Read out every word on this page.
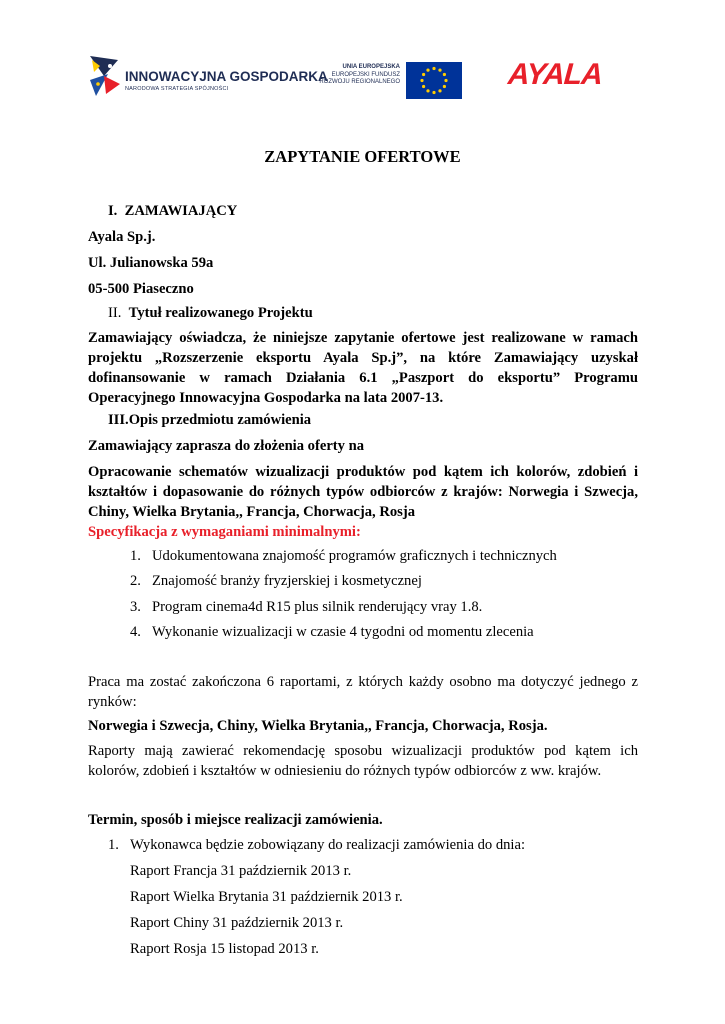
INNOWACYJNA GOSPODARKA
NARODOWA STRATEGIA SPÓJNOŚCI
UNIA EUROPEJSKA
EUROPEJSKI FUNDUSZ
ROZWOJU REGIONALNEGO	AYALA
ZAPYTANIE OFERTOWE
I. ZAMAWIAJĄCY
Ayala Sp.j.
Ul. Julianowska 59a
05-500 Piaseczno
II. Tytuł realizowanego Projektu
Zamawiający oświadcza, że niniejsze zapytanie ofertowe jest realizowane w ramach
projektu „Rozszerzenie eksportu Ayala Sp.j”, na które Zamawiający uzyskał
dofinansowanie w ramach Działania 6.1 „Paszport do eksportu” Programu
Operacyjnego Innowacyjna Gospodarka na lata 2007-13.
III.Opis przedmiotu zamówienia
Zamawiający zaprasza do złożenia oferty na
Opracowanie schematów wizualizacji produktów pod kątem ich kolorów, zdobień i
kształtów i dopasowanie do różnych typów odbiorców z krajów: Norwegia i Szwecja,
Chiny, Wielka Brytania,, Francja, Chorwacja, Rosja
Specyfikacja z wymaganiami minimalnymi:
1. Udokumentowana znajomość programów graficznych i technicznych
2. Znajomość branży fryzjerskiej i kosmetycznej
3. Program cinema4d R15 plus silnik renderujący vray 1.8.
4. Wykonanie wizualizacji w czasie 4 tygodni od momentu zlecenia
Praca ma zostać zakończona 6 raportami, z których każdy osobno ma dotyczyć jednego z
rynków:
Norwegia i Szwecja, Chiny, Wielka Brytania,, Francja, Chorwacja, Rosja.
Raporty mają zawierać rekomendację sposobu wizualizacji produktów pod kątem ich
kolorów, zdobień i kształtów w odniesieniu do różnych typów odbiorców z ww. krajów.
Termin, sposób i miejsce realizacji zamówienia.
1. Wykonawca będzie zobowiązany do realizacji zamówienia do dnia:
Raport Francja 31 październik 2013 r.
Raport Wielka Brytania 31 październik 2013 r.
Raport Chiny 31 październik 2013 r.
Raport Rosja 15 listopad 2013 r.
